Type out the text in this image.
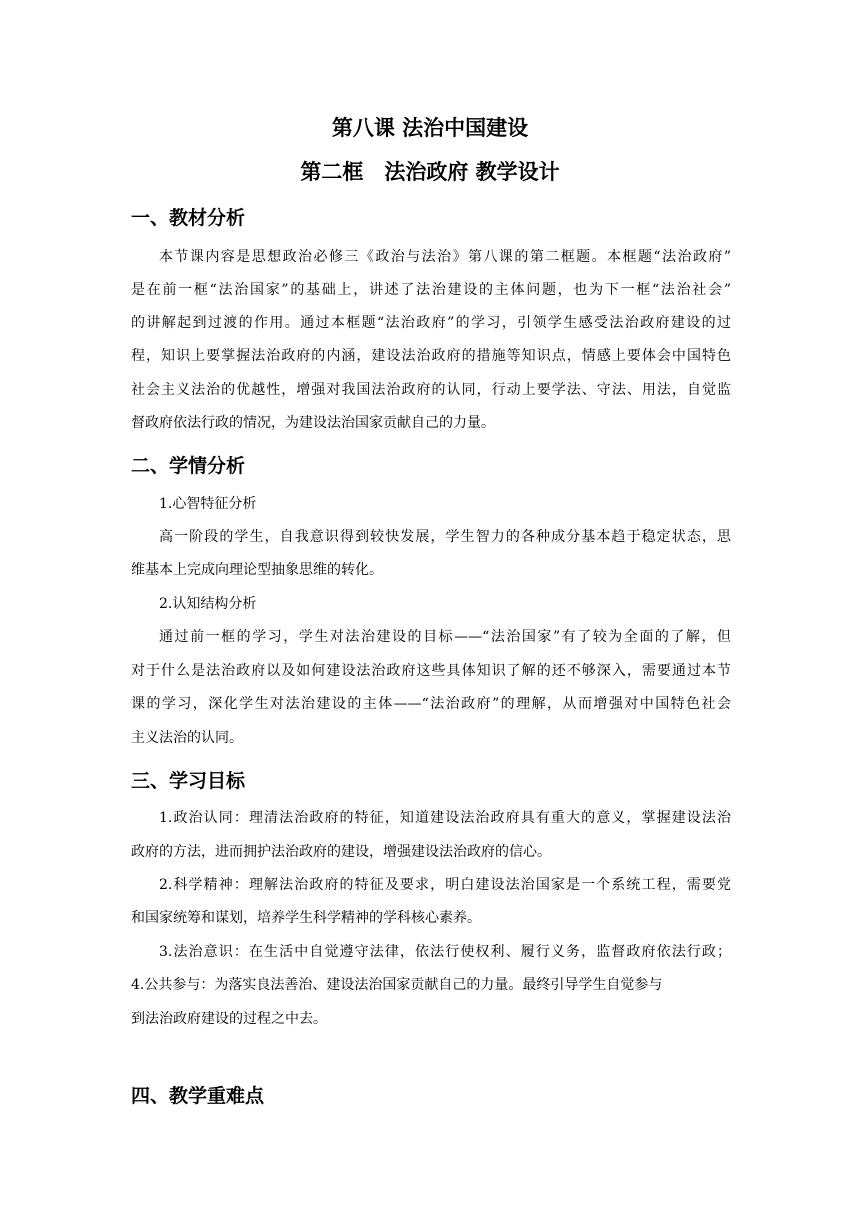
第八课 法治中国建设
第二框　法治政府 教学设计
一、教材分析
本节课内容是思想政治必修三《政治与法治》第八课的第二框题。本框题“法治政府”
是在前一框“法治国家”的基础上，讲述了法治建设的主体问题，也为下一框“法治社会”
的讲解起到过渡的作用。通过本框题“法治政府”的学习，引领学生感受法治政府建设的过
程，知识上要掌握法治政府的内涵，建设法治政府的措施等知识点，情感上要体会中国特色
社会主义法治的优越性，增强对我国法治政府的认同，行动上要学法、守法、用法，自觉监
督政府依法行政的情况，为建设法治国家贡献自己的力量。
二、学情分析
1.心智特征分析
高一阶段的学生，自我意识得到较快发展，学生智力的各种成分基本趋于稳定状态，思
维基本上完成向理论型抽象思维的转化。
2.认知结构分析
通过前一框的学习，学生对法治建设的目标——“法治国家”有了较为全面的了解，但
对于什么是法治政府以及如何建设法治政府这些具体知识了解的还不够深入，需要通过本节
课的学习，深化学生对法治建设的主体——“法治政府”的理解，从而增强对中国特色社会
主义法治的认同。
三、学习目标
1.政治认同：理清法治政府的特征，知道建设法治政府具有重大的意义，掌握建设法治
政府的方法，进而拥护法治政府的建设，增强建设法治政府的信心。
2.科学精神：理解法治政府的特征及要求，明白建设法治国家是一个系统工程，需要党
和国家统筹和谋划，培养学生科学精神的学科核心素养。
3.法治意识：在生活中自觉遵守法律，依法行使权利、履行义务，监督政府依法行政；
4.公共参与：为落实良法善治、建设法治国家贡献自己的力量。最终引导学生自觉参与
到法治政府建设的过程之中去。
四、教学重难点
